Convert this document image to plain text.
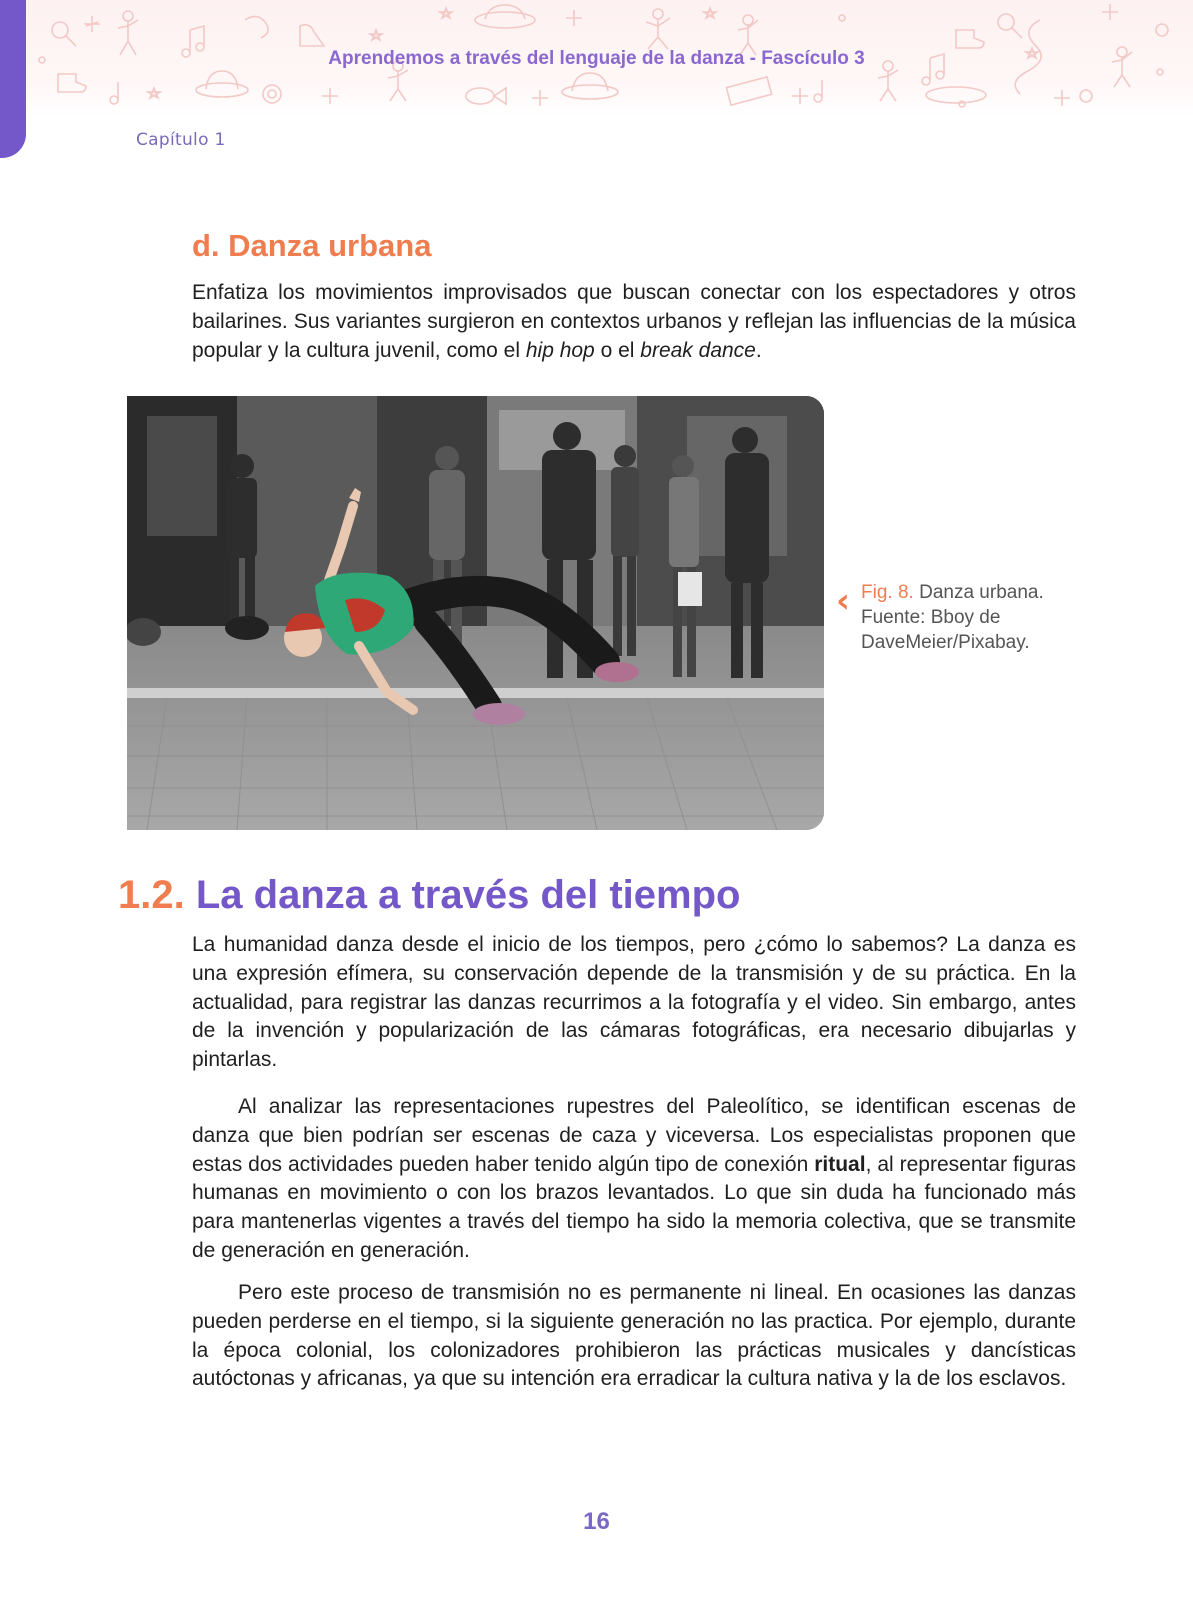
Aprendemos a través del lenguaje de la danza - Fascículo 3
Capítulo 1
d. Danza urbana

Enfatiza los movimientos improvisados que buscan conectar con los espectadores y otros bailarines. Sus variantes surgieron en contextos urbanos y reflejan las influencias de la música popular y la cultura juvenil, como el hip hop o el break dance.

‹ Fig. 8. Danza urbana. Fuente: Bboy de DaveMeier/Pixabay.
1.2. La danza a través del tiempo

La humanidad danza desde el inicio de los tiempos, pero ¿cómo lo sabemos? La danza es una expresión efímera, su conservación depende de la transmisión y de su práctica. En la actualidad, para registrar las danzas recurrimos a la fotografía y el video. Sin embargo, antes de la invención y popularización de las cámaras fotográficas, era necesario dibujarlas y pintarlas.

Al analizar las representaciones rupestres del Paleolítico, se identifican escenas de danza que bien podrían ser escenas de caza y viceversa. Los especialistas proponen que estas dos actividades pueden haber tenido algún tipo de conexión ritual, al representar figuras humanas en movimiento o con los brazos levantados. Lo que sin duda ha funcionado más para mantenerlas vigentes a través del tiempo ha sido la memoria colectiva, que se transmite de generación en generación.

Pero este proceso de transmisión no es permanente ni lineal. En ocasiones las danzas pueden perderse en el tiempo, si la siguiente generación no las practica. Por ejemplo, durante la época colonial, los colonizadores prohibieron las prácticas musicales y dancísticas autóctonas y africanas, ya que su intención era erradicar la cultura nativa y la de los esclavos.

16
